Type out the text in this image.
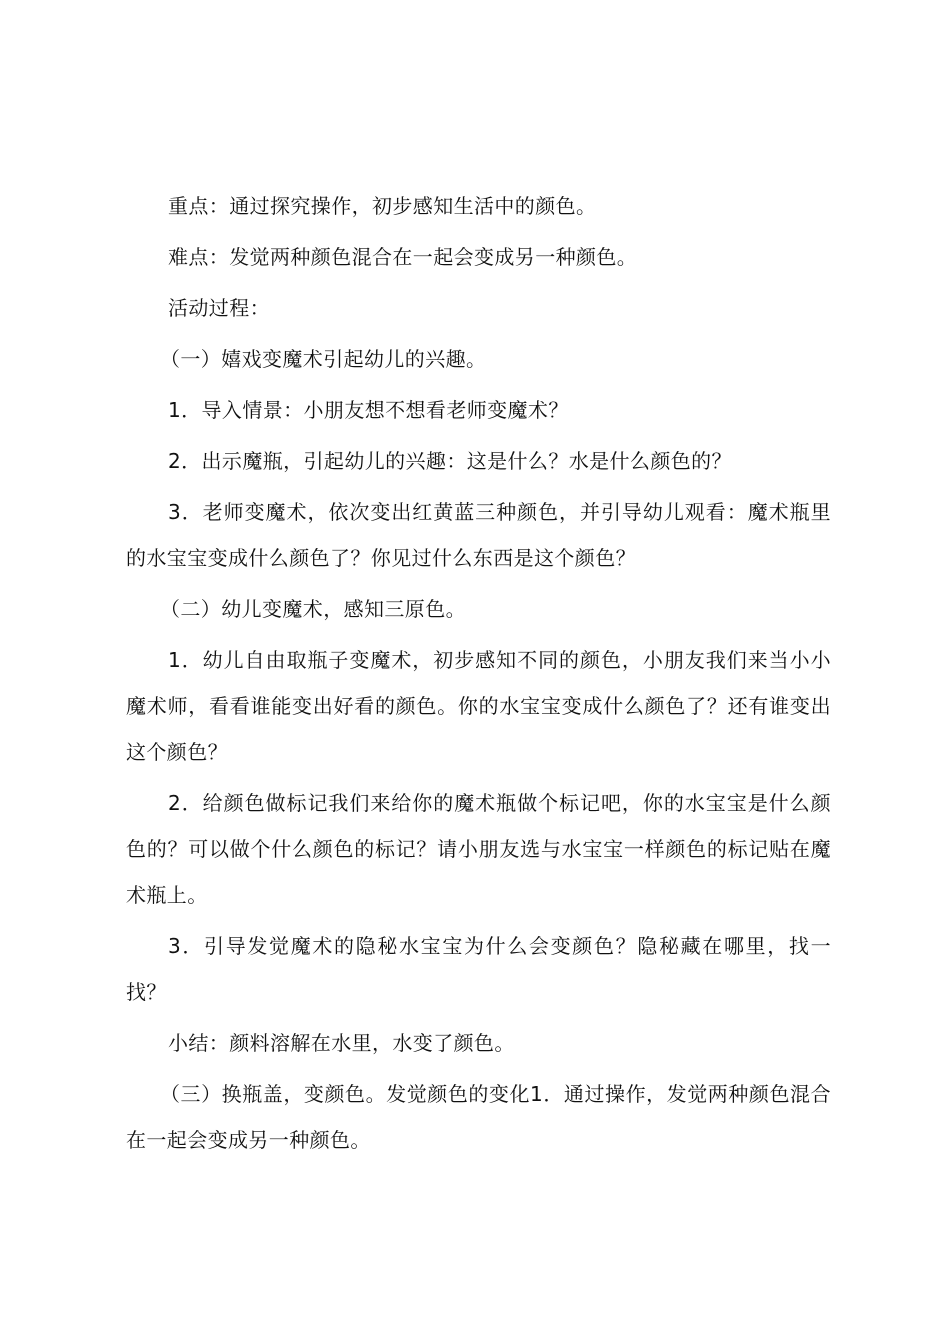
重点：通过探究操作，初步感知生活中的颜色。

难点：发觉两种颜色混合在一起会变成另一种颜色。

活动过程：

（一）嬉戏变魔术引起幼儿的兴趣。

1．导入情景：小朋友想不想看老师变魔术？

2．出示魔瓶，引起幼儿的兴趣：这是什么？水是什么颜色的？

3．老师变魔术，依次变出红黄蓝三种颜色，并引导幼儿观看：魔术瓶里的水宝宝变成什么颜色了？你见过什么东西是这个颜色？

（二）幼儿变魔术，感知三原色。

1．幼儿自由取瓶子变魔术，初步感知不同的颜色，小朋友我们来当小小魔术师，看看谁能变出好看的颜色。你的水宝宝变成什么颜色了？还有谁变出这个颜色？

2．给颜色做标记我们来给你的魔术瓶做个标记吧，你的水宝宝是什么颜色的？可以做个什么颜色的标记？请小朋友选与水宝宝一样颜色的标记贴在魔术瓶上。

3．引导发觉魔术的隐秘水宝宝为什么会变颜色？隐秘藏在哪里，找一找？

小结：颜料溶解在水里，水变了颜色。

（三）换瓶盖，变颜色。发觉颜色的变化1．通过操作，发觉两种颜色混合在一起会变成另一种颜色。
